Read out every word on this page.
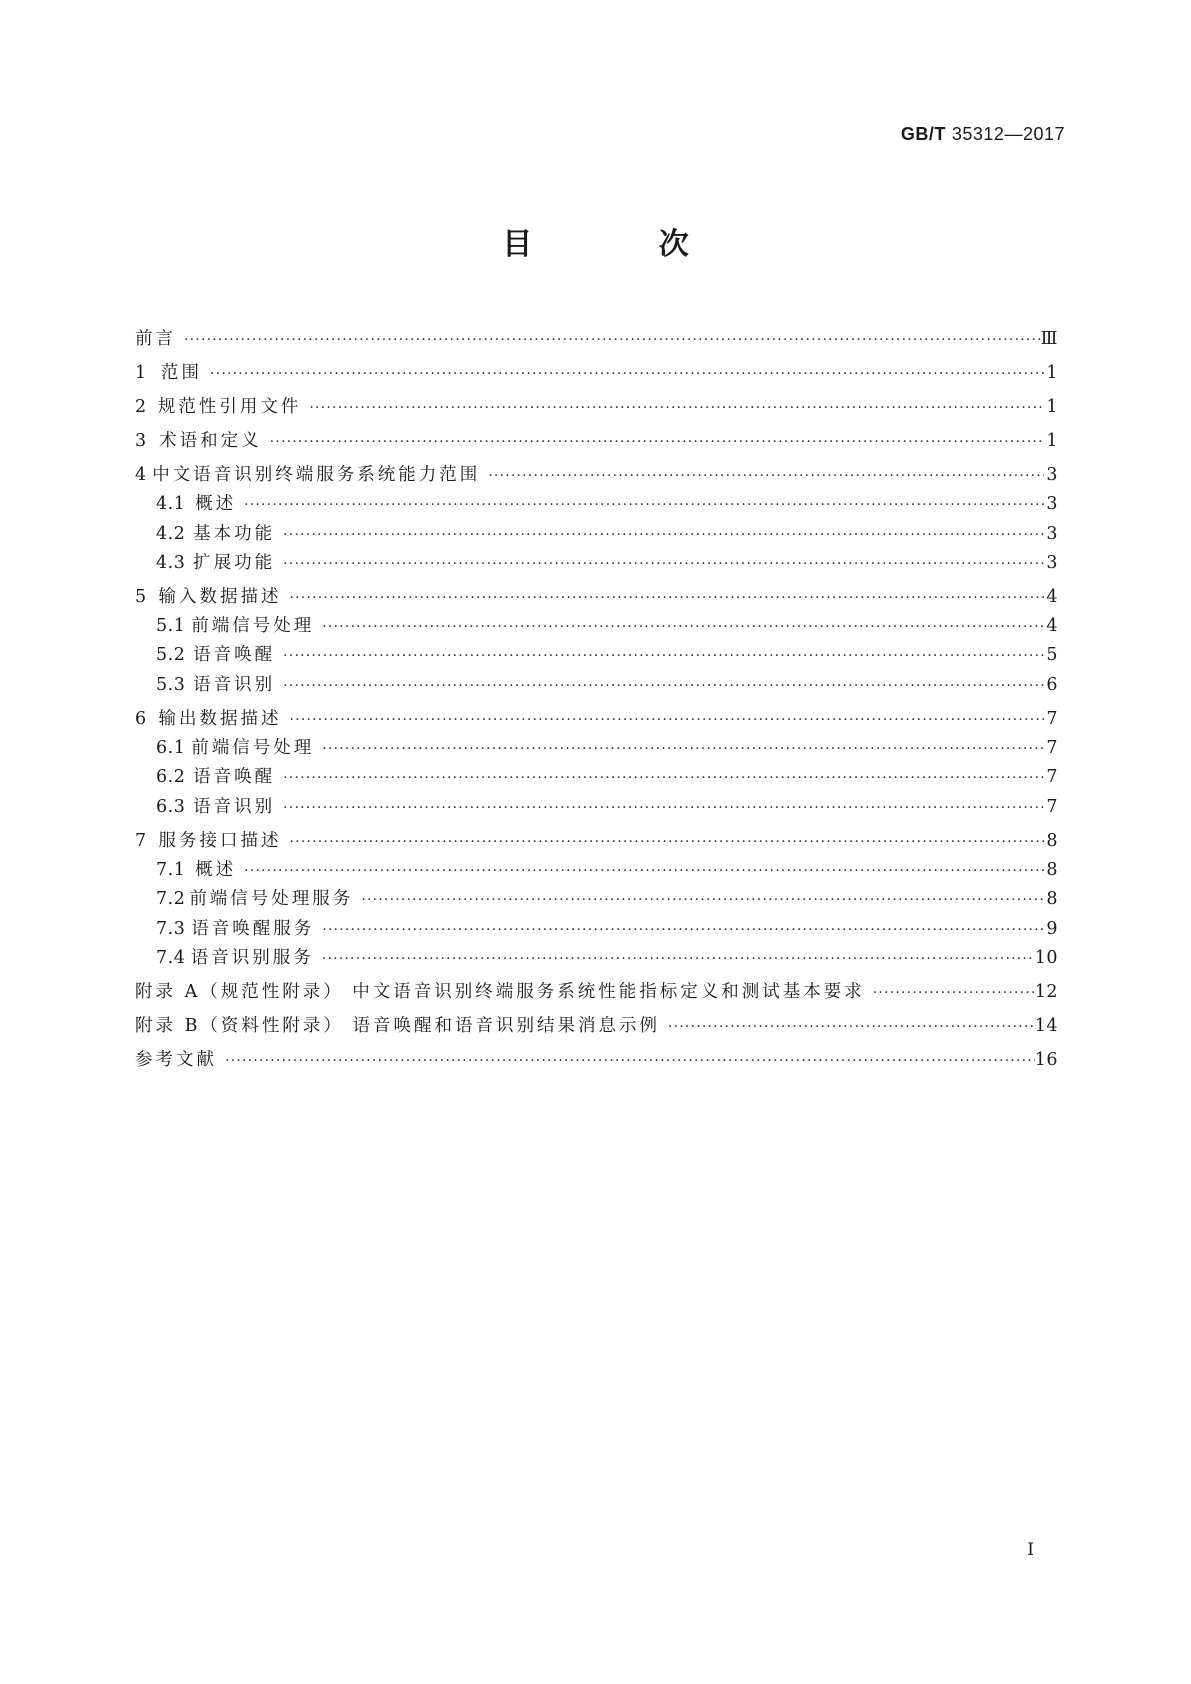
GB/T 35312—2017
目 次
前言 ·····	Ⅲ
1 范围 ·····	1
2 规范性引用文件 ·····	1
3 术语和定义 ·····	1
4 中文语音识别终端服务系统能力范围 ·····	3
4.1 概述 ·····	3
4.2 基本功能 ·····	3
4.3 扩展功能 ·····	3
5 输入数据描述 ·····	4
5.1 前端信号处理 ·····	4
5.2 语音唤醒 ·····	5
5.3 语音识别 ·····	6
6 输出数据描述 ·····	7
6.1 前端信号处理 ·····	7
6.2 语音唤醒 ·····	7
6.3 语音识别 ·····	7
7 服务接口描述 ·····	8
7.1 概述 ·····	8
7.2 前端信号处理服务 ·····	8
7.3 语音唤醒服务 ·····	9
7.4 语音识别服务 ·····	10
附录 A（规范性附录） 中文语音识别终端服务系统性能指标定义和测试基本要求 ·····	12
附录 B（资料性附录） 语音唤醒和语音识别结果消息示例 ·····	14
参考文献 ·····	16
I
